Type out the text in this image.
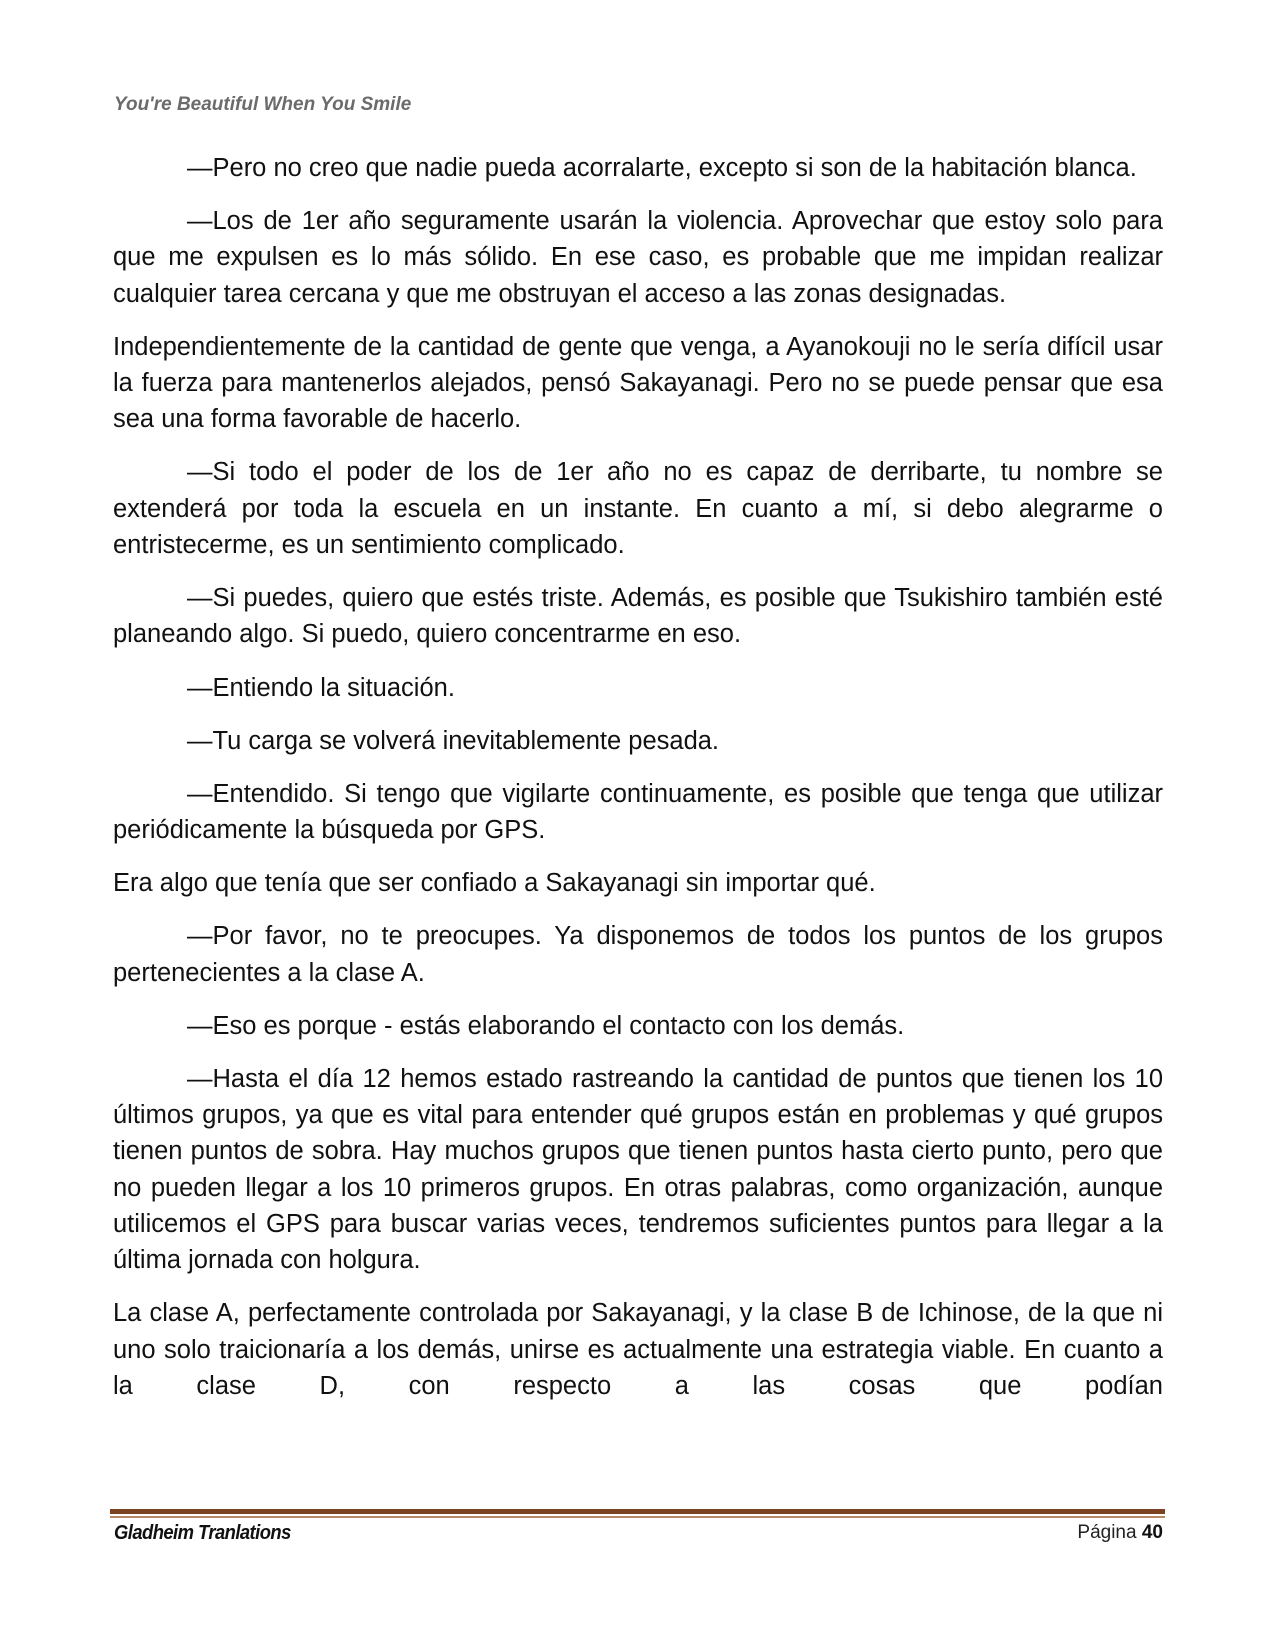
You're Beautiful When You Smile

—Pero no creo que nadie pueda acorralarte, excepto si son de la habitación blanca.

—Los de 1er año seguramente usarán la violencia. Aprovechar que estoy solo para que me expulsen es lo más sólido. En ese caso, es probable que me impidan realizar cualquier tarea cercana y que me obstruyan el acceso a las zonas designadas.

Independientemente de la cantidad de gente que venga, a Ayanokouji no le sería difícil usar la fuerza para mantenerlos alejados, pensó Sakayanagi. Pero no se puede pensar que esa sea una forma favorable de hacerlo.

—Si todo el poder de los de 1er año no es capaz de derribarte, tu nombre se extenderá por toda la escuela en un instante. En cuanto a mí, si debo alegrarme o entristecerme, es un sentimiento complicado.

—Si puedes, quiero que estés triste. Además, es posible que Tsukishiro también esté planeando algo. Si puedo, quiero concentrarme en eso.

—Entiendo la situación.

—Tu carga se volverá inevitablemente pesada.

—Entendido. Si tengo que vigilarte continuamente, es posible que tenga que utilizar periódicamente la búsqueda por GPS.

Era algo que tenía que ser confiado a Sakayanagi sin importar qué.

—Por favor, no te preocupes. Ya disponemos de todos los puntos de los grupos pertenecientes a la clase A.

—Eso es porque - estás elaborando el contacto con los demás.

—Hasta el día 12 hemos estado rastreando la cantidad de puntos que tienen los 10 últimos grupos, ya que es vital para entender qué grupos están en problemas y qué grupos tienen puntos de sobra. Hay muchos grupos que tienen puntos hasta cierto punto, pero que no pueden llegar a los 10 primeros grupos. En otras palabras, como organización, aunque utilicemos el GPS para buscar varias veces, tendremos suficientes puntos para llegar a la última jornada con holgura.

La clase A, perfectamente controlada por Sakayanagi, y la clase B de Ichinose, de la que ni uno solo traicionaría a los demás, unirse es actualmente una estrategia viable. En cuanto a la clase D, con respecto a las cosas que podían

Gladheim Tranlations	Página 40
